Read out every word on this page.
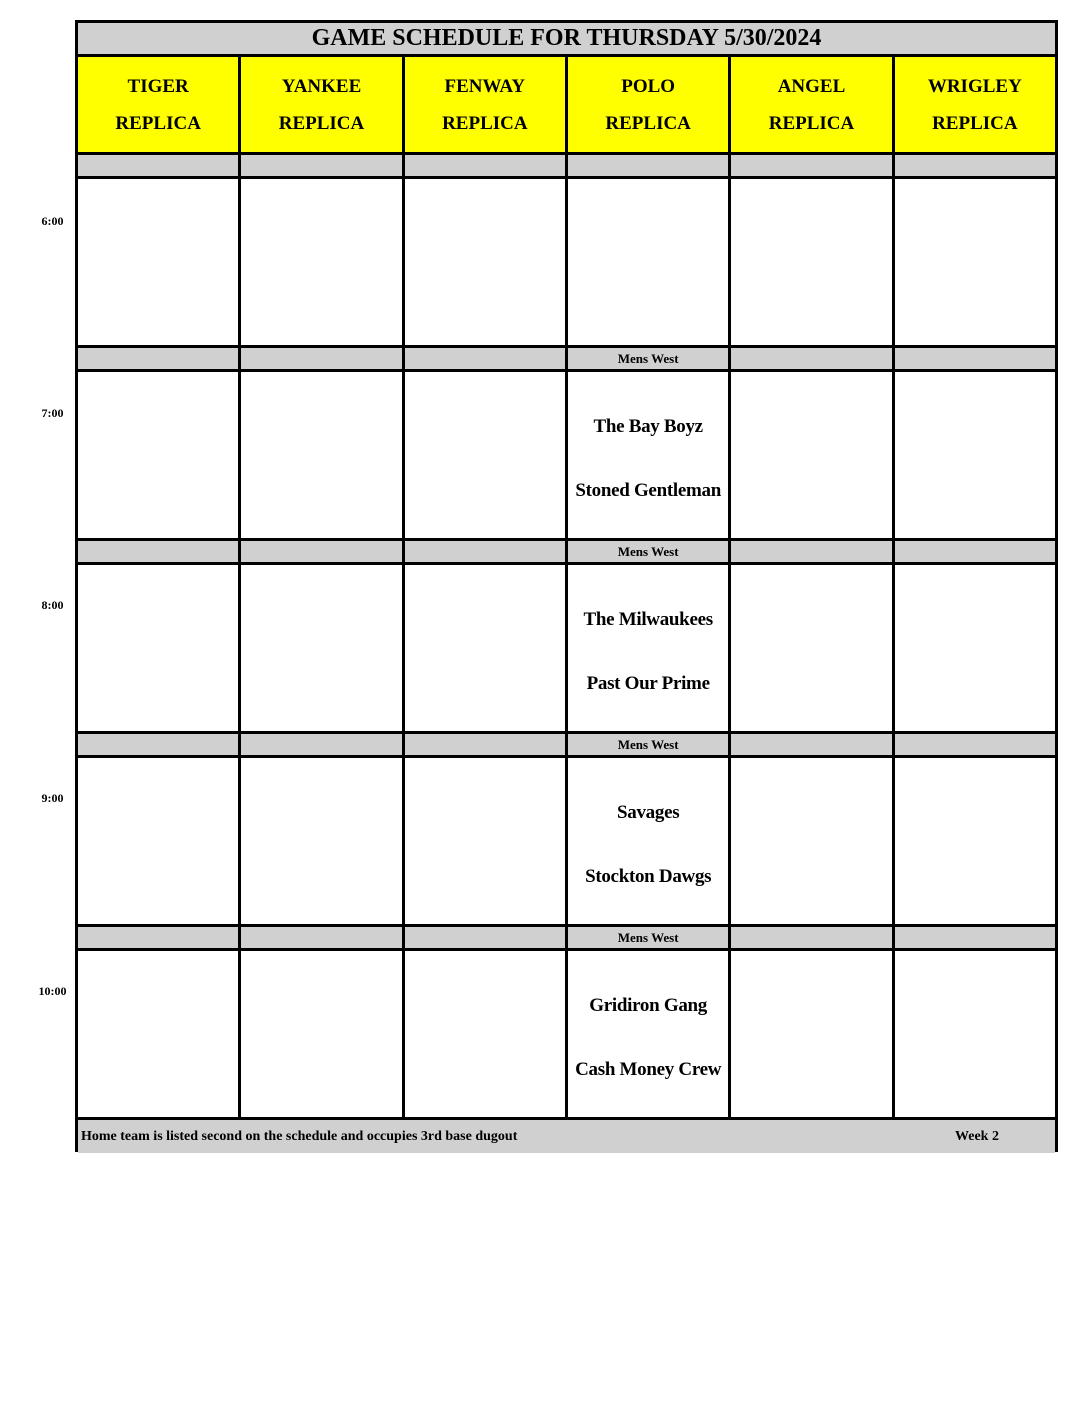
GAME SCHEDULE FOR THURSDAY 5/30/2024
TIGER
REPLICA
YANKEE
REPLICA
FENWAY
REPLICA
POLO
REPLICA
ANGEL
REPLICA
WRIGLEY
REPLICA
Mens West
The Bay Boyz
Stoned Gentleman
Mens West
The Milwaukees
Past Our Prime
Mens West
Savages
Stockton Dawgs
Mens West
Gridiron Gang
Cash Money Crew
Home team is listed second on the schedule and occupies 3rd base dugout	Week 2
6:00
7:00
8:00
9:00
10:00
